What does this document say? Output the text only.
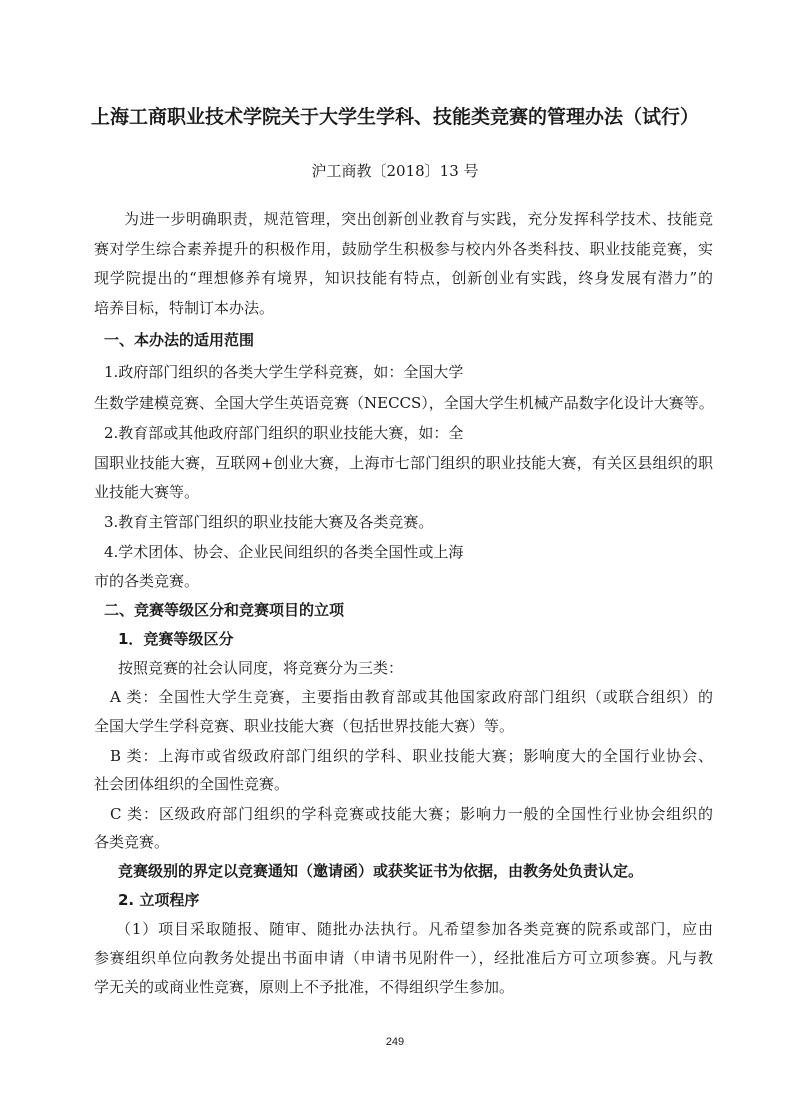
上海工商职业技术学院关于大学生学科、技能类竞赛的管理办法（试行）
沪工商教〔2018〕13 号
为进一步明确职责，规范管理，突出创新创业教育与实践，充分发挥科学技术、技能竞
赛对学生综合素养提升的积极作用，鼓励学生积极参与校内外各类科技、职业技能竞赛，实
现学院提出的“理想修养有境界，知识技能有特点，创新创业有实践，终身发展有潜力”的
培养目标，特制订本办法。
一、本办法的适用范围
1.政府部门组织的各类大学生学科竞赛，如：全国大学
生数学建模竞赛、全国大学生英语竞赛（NECCS），全国大学生机械产品数字化设计大赛等。
2.教育部或其他政府部门组织的职业技能大赛，如：全
国职业技能大赛，互联网+创业大赛，上海市七部门组织的职业技能大赛，有关区县组织的职
业技能大赛等。
3.教育主管部门组织的职业技能大赛及各类竞赛。
4.学术团体、协会、企业民间组织的各类全国性或上海
市的各类竞赛。
二、竞赛等级区分和竞赛项目的立项
1．竞赛等级区分
按照竞赛的社会认同度，将竞赛分为三类：
A 类：全国性大学生竞赛，主要指由教育部或其他国家政府部门组织（或联合组织）的
全国大学生学科竞赛、职业技能大赛（包括世界技能大赛）等。
B 类：上海市或省级政府部门组织的学科、职业技能大赛；影响度大的全国行业协会、
社会团体组织的全国性竞赛。
C 类：区级政府部门组织的学科竞赛或技能大赛；影响力一般的全国性行业协会组织的
各类竞赛。
竞赛级别的界定以竞赛通知（邀请函）或获奖证书为依据，由教务处负责认定。
2. 立项程序
（1）项目采取随报、随审、随批办法执行。凡希望参加各类竞赛的院系或部门，应由
参赛组织单位向教务处提出书面申请（申请书见附件一），经批准后方可立项参赛。凡与教
学无关的或商业性竞赛，原则上不予批准，不得组织学生参加。
249
